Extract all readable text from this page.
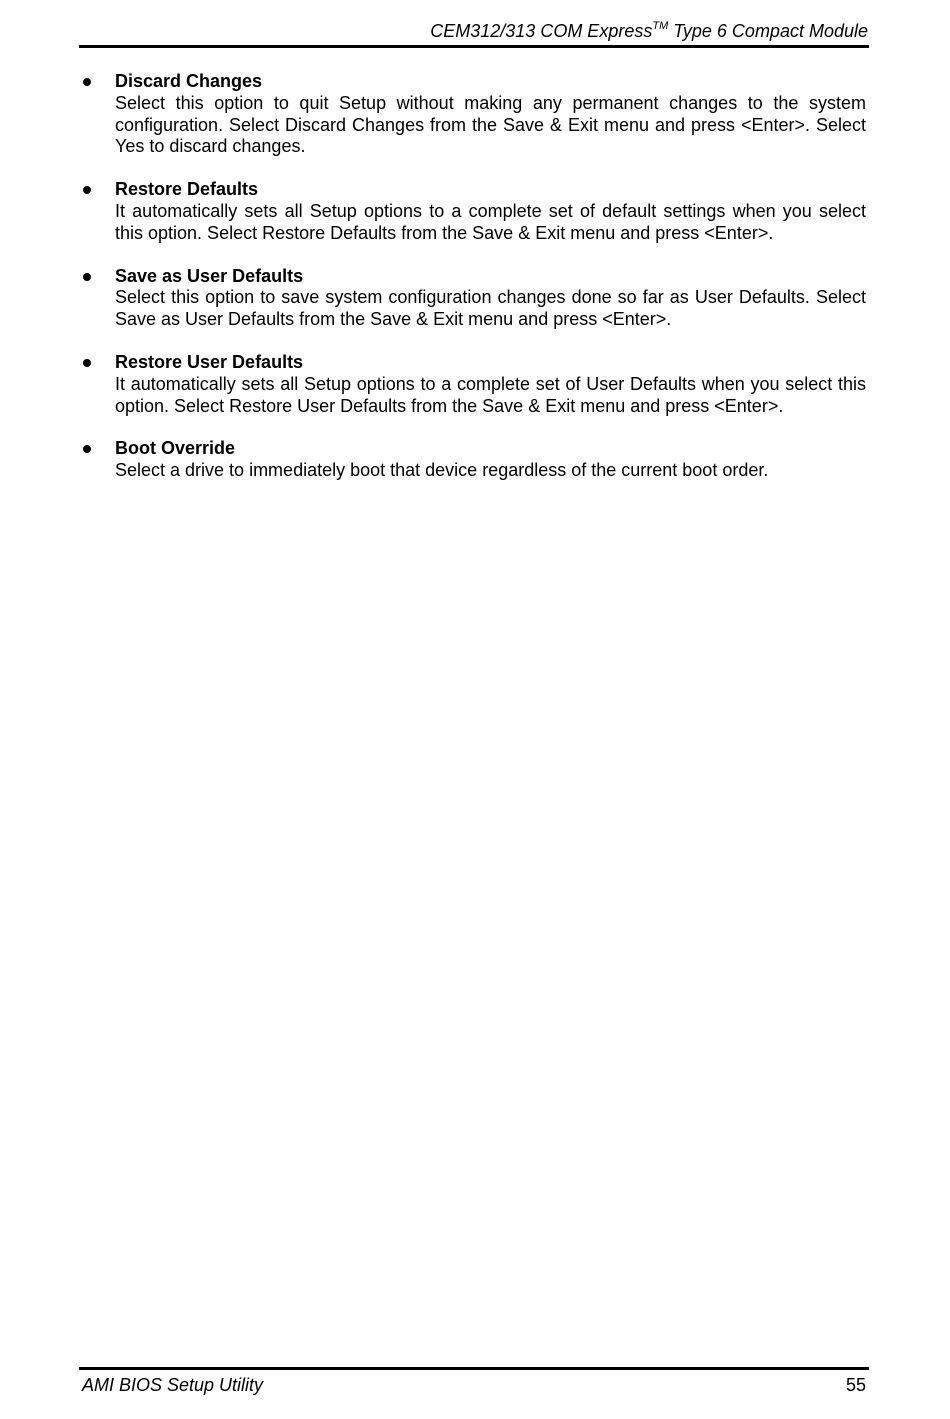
CEM312/313 COM Express™ Type 6 Compact Module
Discard Changes
Select this option to quit Setup without making any permanent changes to the system configuration. Select Discard Changes from the Save & Exit menu and press <Enter>. Select Yes to discard changes.
Restore Defaults
It automatically sets all Setup options to a complete set of default settings when you select this option. Select Restore Defaults from the Save & Exit menu and press <Enter>.
Save as User Defaults
Select this option to save system configuration changes done so far as User Defaults. Select Save as User Defaults from the Save & Exit menu and press <Enter>.
Restore User Defaults
It automatically sets all Setup options to a complete set of User Defaults when you select this option. Select Restore User Defaults from the Save & Exit menu and press <Enter>.
Boot Override
Select a drive to immediately boot that device regardless of the current boot order.
AMI BIOS Setup Utility	55
